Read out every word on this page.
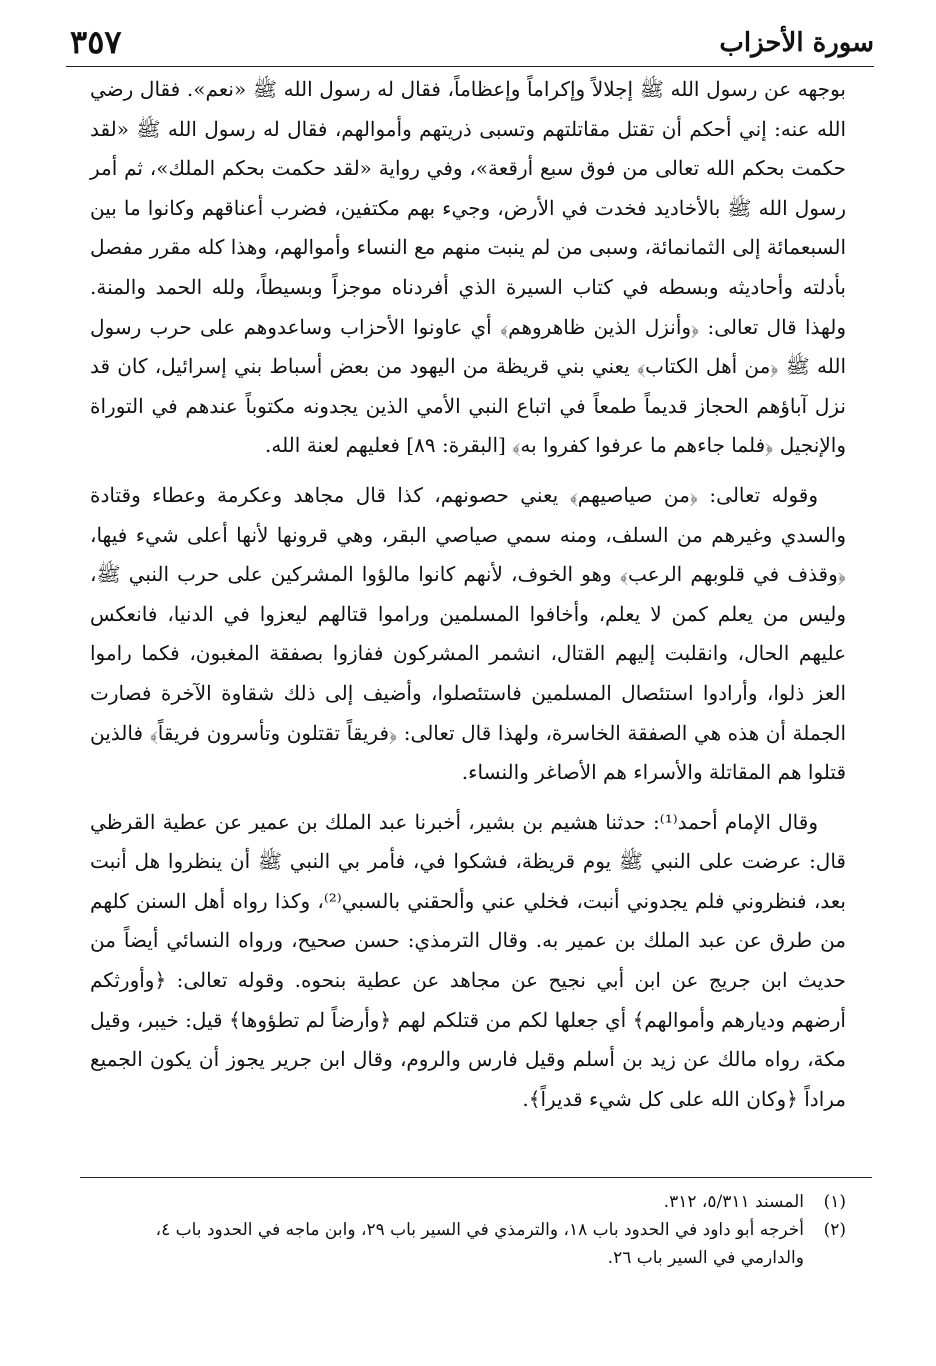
سورة الأحزاب
٣٥٧

بوجهه عن رسول الله ﷺ إجلالاً وإكراماً وإعظاماً، فقال له رسول الله ﷺ «نعم». فقال رضي الله عنه: إني أحكم أن تقتل مقاتلتهم وتسبى ذريتهم وأموالهم، فقال له رسول الله ﷺ «لقد حكمت بحكم الله تعالى من فوق سبع أرقعة»، وفي رواية «لقد حكمت بحكم الملك»، ثم أمر رسول الله ﷺ بالأخاديد فخدت في الأرض، وجيء بهم مكتفين، فضرب أعناقهم وكانوا ما بين السبعمائة إلى الثمانمائة، وسبى من لم ينبت منهم مع النساء وأموالهم، وهذا كله مقرر مفصل بأدلته وأحاديثه وبسطه في كتاب السيرة الذي أفردناه موجزاً وبسيطاً، ولله الحمد والمنة. ولهذا قال تعالى: ﴿وأنزل الذين ظاهروهم﴾ أي عاونوا الأحزاب وساعدوهم على حرب رسول الله ﷺ ﴿من أهل الكتاب﴾ يعني بني قريظة من اليهود من بعض أسباط بني إسرائيل، كان قد نزل آباؤهم الحجاز قديماً طمعاً في اتباع النبي الأمي الذين يجدونه مكتوباً عندهم في التوراة والإنجيل ﴿فلما جاءهم ما عرفوا كفروا به﴾ [البقرة: ٨٩] فعليهم لعنة الله.

وقوله تعالى: ﴿من صياصيهم﴾ يعني حصونهم، كذا قال مجاهد وعكرمة وعطاء وقتادة والسدي وغيرهم من السلف، ومنه سمي صياصي البقر، وهي قرونها لأنها أعلى شيء فيها، ﴿وقذف في قلوبهم الرعب﴾ وهو الخوف، لأنهم كانوا مالؤوا المشركين على حرب النبي ﷺ، وليس من يعلم كمن لا يعلم، وأخافوا المسلمين وراموا قتالهم ليعزوا في الدنيا، فانعكس عليهم الحال، وانقلبت إليهم القتال، انشمر المشركون ففازوا بصفقة المغبون، فكما راموا العز ذلوا، وأرادوا استئصال المسلمين فاستئصلوا، وأضيف إلى ذلك شقاوة الآخرة فصارت الجملة أن هذه هي الصفقة الخاسرة، ولهذا قال تعالى: ﴿فريقاً تقتلون وتأسرون فريقاً﴾ فالذين قتلوا هم المقاتلة والأسراء هم الأصاغر والنساء.

وقال الإمام أحمد⁽¹⁾: حدثنا هشيم بن بشير، أخبرنا عبد الملك بن عمير عن عطية القرظي قال: عرضت على النبي ﷺ يوم قريظة، فشكوا في، فأمر بي النبي ﷺ أن ينظروا هل أنبت بعد، فنظروني فلم يجدوني أنبت، فخلي عني وألحقني بالسبي⁽²⁾، وكذا رواه أهل السنن كلهم من طرق عن عبد الملك بن عمير به. وقال الترمذي: حسن صحيح، ورواه النسائي أيضاً من حديث ابن جريج عن ابن أبي نجيح عن مجاهد عن عطية بنحوه. وقوله تعالى: ﴿وأورثكم أرضهم وديارهم وأموالهم﴾ أي جعلها لكم من قتلكم لهم ﴿وأرضاً لم تطؤوها﴾ قيل: خيبر، وقيل مكة، رواه مالك عن زيد بن أسلم وقيل فارس والروم، وقال ابن جرير يجوز أن يكون الجميع مراداً ﴿وكان الله على كل شيء قديراً﴾.

(١)
المسند ٥/٣١١، ٣١٢.
(٢)
أخرجه أبو داود في الحدود باب ١٨، والترمذي في السير باب ٢٩، وابن ماجه في الحدود باب ٤، والدارمي في السير باب ٢٦.
